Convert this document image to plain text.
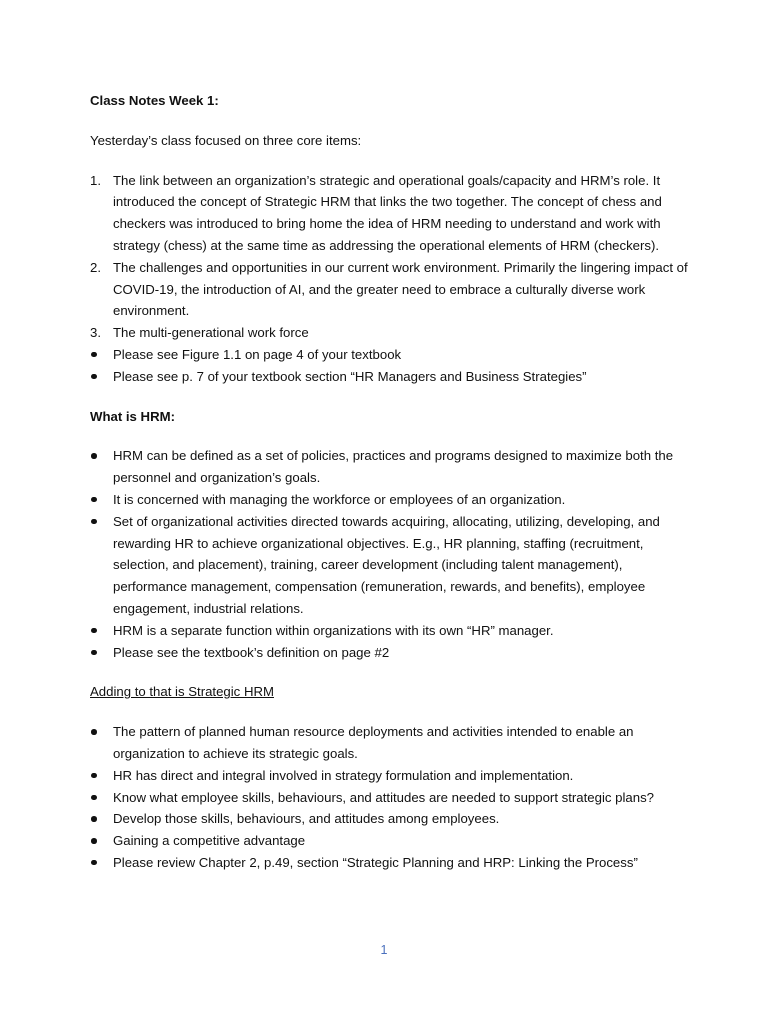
Class Notes Week 1:

Yesterday’s class focused on three core items:

1. The link between an organization’s strategic and operational goals/capacity and HRM’s role. It introduced the concept of Strategic HRM that links the two together. The concept of chess and checkers was introduced to bring home the idea of HRM needing to understand and work with strategy (chess) at the same time as addressing the operational elements of HRM (checkers).
2. The challenges and opportunities in our current work environment. Primarily the lingering impact of COVID-19, the introduction of AI, and the greater need to embrace a culturally diverse work environment.
3. The multi-generational work force
Please see Figure 1.1 on page 4 of your textbook
Please see p. 7 of your textbook section “HR Managers and Business Strategies”

What is HRM:

HRM can be defined as a set of policies, practices and programs designed to maximize both the personnel and organization’s goals.
It is concerned with managing the workforce or employees of an organization.
Set of organizational activities directed towards acquiring, allocating, utilizing, developing, and rewarding HR to achieve organizational objectives. E.g., HR planning, staffing (recruitment, selection, and placement), training, career development (including talent management), performance management, compensation (remuneration, rewards, and benefits), employee engagement, industrial relations.
HRM is a separate function within organizations with its own “HR” manager.
Please see the textbook’s definition on page #2

Adding to that is Strategic HRM

The pattern of planned human resource deployments and activities intended to enable an organization to achieve its strategic goals.
HR has direct and integral involved in strategy formulation and implementation.
Know what employee skills, behaviours, and attitudes are needed to support strategic plans?
Develop those skills, behaviours, and attitudes among employees.
Gaining a competitive advantage
Please review Chapter 2, p.49, section “Strategic Planning and HRP: Linking the Process”
1
